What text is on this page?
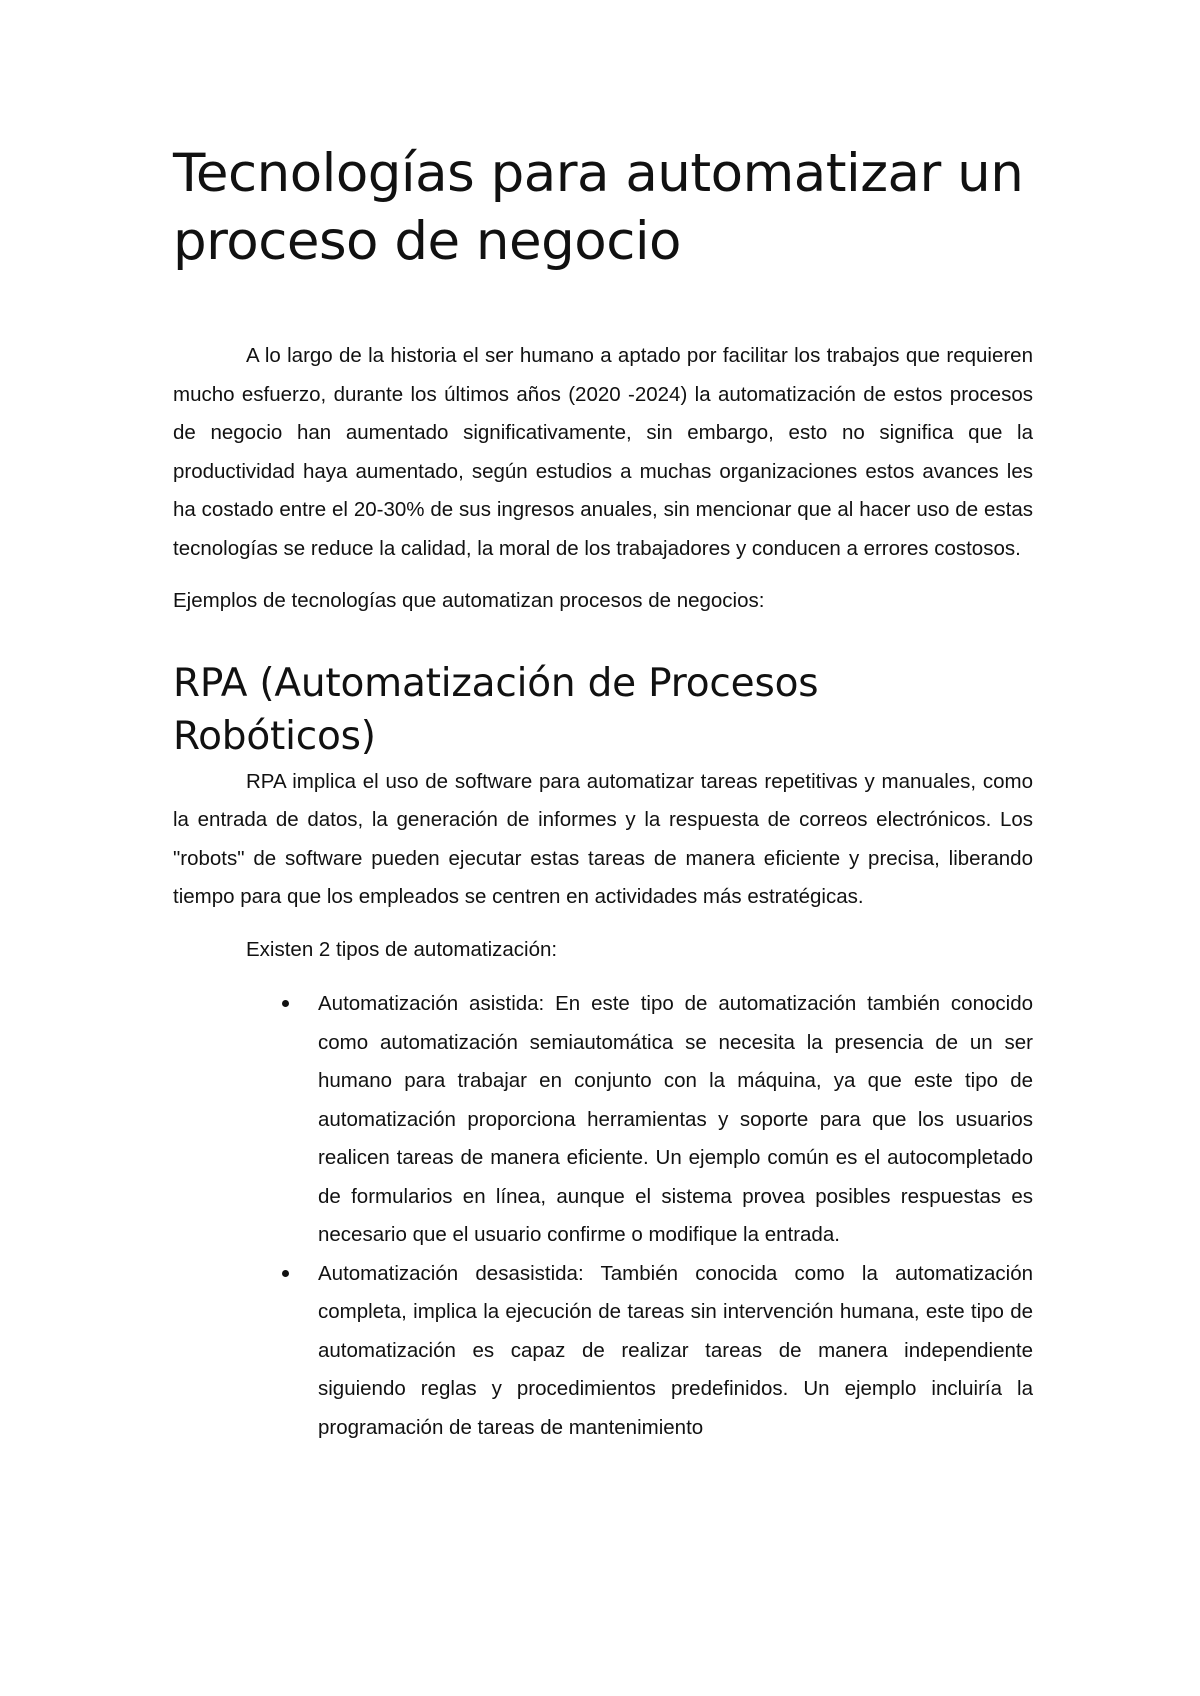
Tecnologías para automatizar un proceso de negocio

A lo largo de la historia el ser humano a aptado por facilitar los trabajos que requieren mucho esfuerzo, durante los últimos años (2020 -2024) la automatización de estos procesos de negocio han aumentado significativamente, sin embargo, esto no significa que la productividad haya aumentado, según estudios a muchas organizaciones estos avances les ha costado entre el 20-30% de sus ingresos anuales, sin mencionar que al hacer uso de estas tecnologías se reduce la calidad, la moral de los trabajadores y conducen a errores costosos.

Ejemplos de tecnologías que automatizan procesos de negocios:

RPA (Automatización de Procesos Robóticos)

RPA implica el uso de software para automatizar tareas repetitivas y manuales, como la entrada de datos, la generación de informes y la respuesta de correos electrónicos. Los "robots" de software pueden ejecutar estas tareas de manera eficiente y precisa, liberando tiempo para que los empleados se centren en actividades más estratégicas.

Existen 2 tipos de automatización:

Automatización asistida: En este tipo de automatización también conocido como automatización semiautomática se necesita la presencia de un ser humano para trabajar en conjunto con la máquina, ya que este tipo de automatización proporciona herramientas y soporte para que los usuarios realicen tareas de manera eficiente. Un ejemplo común es el autocompletado de formularios en línea, aunque el sistema provea posibles respuestas es necesario que el usuario confirme o modifique la entrada.
Automatización desasistida: También conocida como la automatización completa, implica la ejecución de tareas sin intervención humana, este tipo de automatización es capaz de realizar tareas de manera independiente siguiendo reglas y procedimientos predefinidos. Un ejemplo incluiría la programación de tareas de mantenimiento
